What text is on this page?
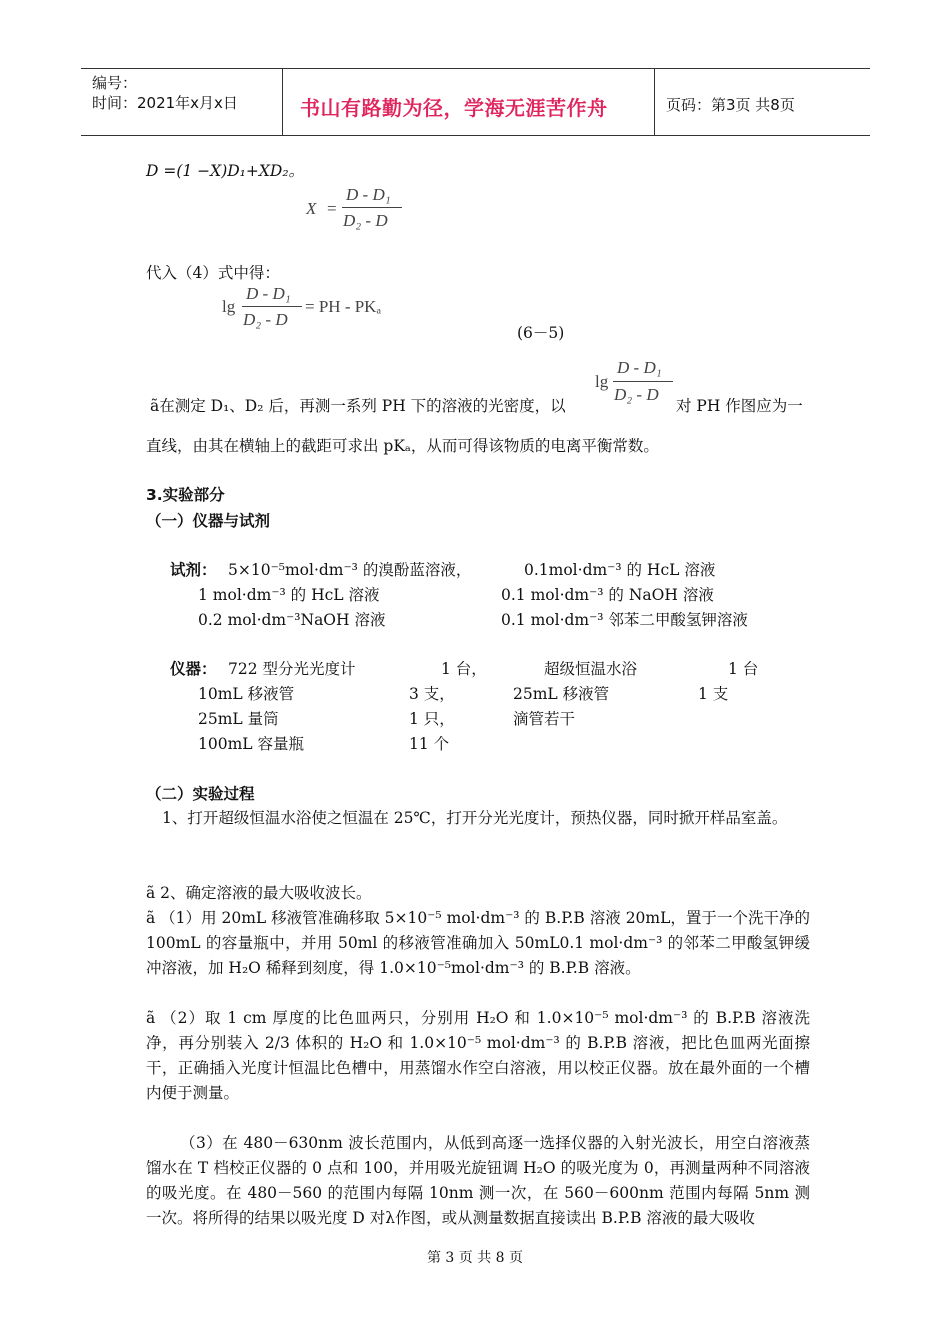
编号：
时间：2021年x月x日	书山有路勤为径，学海无涯苦作舟	页码：第3页 共8页
D =(1 −X)D₁+XD₂。
X =
D - D₁
D₂ - D
代入（4）式中得：
lg
D - D₁
D₂ - D
= PH - PKₐ
(6－5)
ã在测定 D₁、D₂ 后，再测一系列 PH 下的溶液的光密度，以
lg
D - D₁
D₂ - D
对 PH 作图应为一
直线，由其在横轴上的截距可求出 pKₐ，从而可得该物质的电离平衡常数。
3.实验部分
（一）仪器与试剂
试剂： 5×10⁻⁵mol·dm⁻³ 的溴酚蓝溶液，	0.1mol·dm⁻³ 的 HcL 溶液
1 mol·dm⁻³ 的 HcL 溶液	0.1 mol·dm⁻³ 的 NaOH 溶液
0.2 mol·dm⁻³NaOH 溶液	0.1 mol·dm⁻³ 邻苯二甲酸氢钾溶液
仪器： 722 型分光光度计	1 台，	超级恒温水浴	1 台
10mL 移液管	3 支，	25mL 移液管	1 支
25mL 量筒	1 只，	滴管若干
100mL 容量瓶	11 个
（二）实验过程
1、打开超级恒温水浴使之恒温在 25℃，打开分光光度计，预热仪器，同时掀开样品室盖。
ã 2、确定溶液的最大吸收波长。
ã （1）用 20mL 移液管准确移取 5×10⁻⁵ mol·dm⁻³ 的 B.P.B 溶液 20mL，置于一个洗干净的 100mL 的容量瓶中，并用 50ml 的移液管准确加入 50mL0.1 mol·dm⁻³ 的邻苯二甲酸氢钾缓冲溶液，加 H₂O 稀释到刻度，得 1.0×10⁻⁵mol·dm⁻³ 的 B.P.B 溶液。
ã （2）取 1 cm 厚度的比色皿两只，分别用 H₂O 和 1.0×10⁻⁵ mol·dm⁻³ 的 B.P.B 溶液洗净，再分别装入 2/3 体积的 H₂O 和 1.0×10⁻⁵ mol·dm⁻³ 的 B.P.B 溶液，把比色皿两光面擦干，正确插入光度计恒温比色槽中，用蒸馏水作空白溶液，用以校正仪器。放在最外面的一个槽内便于测量。
（3）在 480－630nm 波长范围内，从低到高逐一选择仪器的入射光波长，用空白溶液蒸馏水在 T 档校正仪器的 0 点和 100，并用吸光旋钮调 H₂O 的吸光度为 0，再测量两种不同溶液的吸光度。在 480－560 的范围内每隔 10nm 测一次，在 560－600nm 范围内每隔 5nm 测一次。将所得的结果以吸光度 D 对λ作图，或从测量数据直接读出 B.P.B 溶液的最大吸收
第 3 页 共 8 页
